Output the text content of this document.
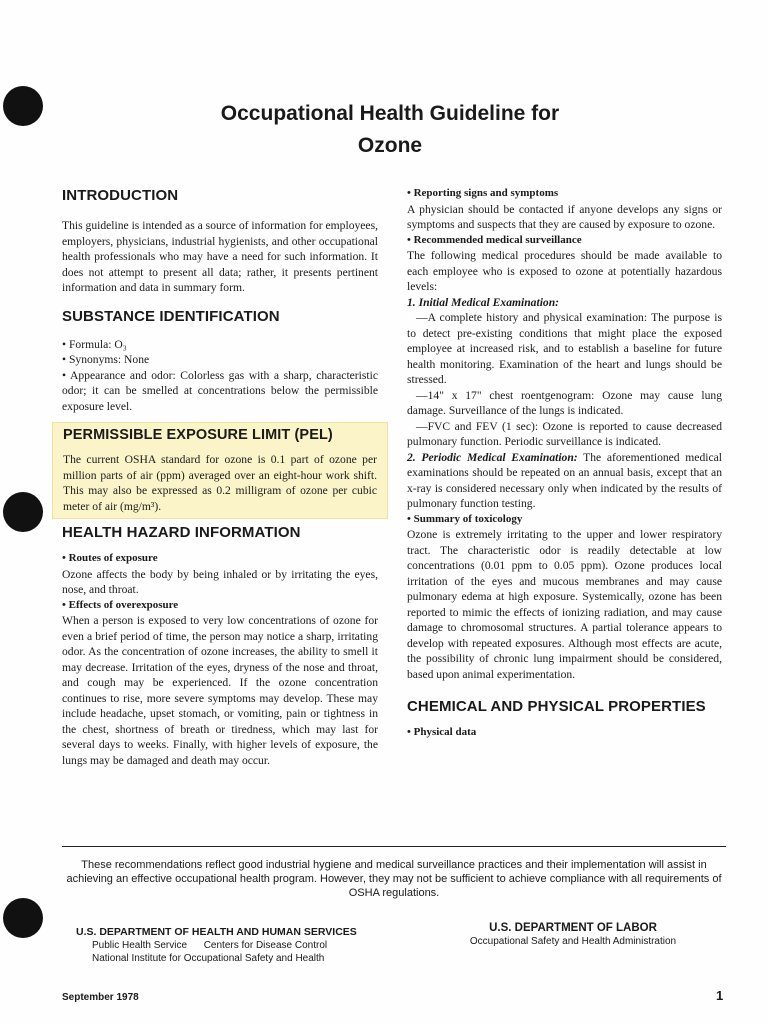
Occupational Health Guideline for
Ozone
INTRODUCTION

This guideline is intended as a source of information for employees, employers, physicians, industrial hygienists, and other occupational health professionals who may have a need for such information. It does not attempt to present all data; rather, it presents pertinent information and data in summary form.

SUBSTANCE IDENTIFICATION

• Formula: O₃

• Synonyms: None

• Appearance and odor: Colorless gas with a sharp, characteristic odor; it can be smelled at concentrations below the permissible exposure level.

PERMISSIBLE EXPOSURE LIMIT (PEL)

The current OSHA standard for ozone is 0.1 part of ozone per million parts of air (ppm) averaged over an eight-hour work shift. This may also be expressed as 0.2 milligram of ozone per cubic meter of air (mg/m³).

HEALTH HAZARD INFORMATION
• Routes of exposure

Ozone affects the body by being inhaled or by irritating the eyes, nose, and throat.

• Effects of overexposure

When a person is exposed to very low concentrations of ozone for even a brief period of time, the person may notice a sharp, irritating odor. As the concentration of ozone increases, the ability to smell it may decrease. Irritation of the eyes, dryness of the nose and throat, and cough may be experienced. If the ozone concentration continues to rise, more severe symptoms may develop. These may include headache, upset stomach, or vomiting, pain or tightness in the chest, shortness of breath or tiredness, which may last for several days to weeks. Finally, with higher levels of exposure, the lungs may be damaged and death may occur.

• Reporting signs and symptoms

A physician should be contacted if anyone develops any signs or symptoms and suspects that they are caused by exposure to ozone.

• Recommended medical surveillance

The following medical procedures should be made available to each employee who is exposed to ozone at potentially hazardous levels:

1. Initial Medical Examination:

—A complete history and physical examination: The purpose is to detect pre-existing conditions that might place the exposed employee at increased risk, and to establish a baseline for future health monitoring. Examination of the heart and lungs should be stressed.

—14" x 17" chest roentgenogram: Ozone may cause lung damage. Surveillance of the lungs is indicated.

—FVC and FEV (1 sec): Ozone is reported to cause decreased pulmonary function. Periodic surveillance is indicated.

2. Periodic Medical Examination: The aforementioned medical examinations should be repeated on an annual basis, except that an x-ray is considered necessary only when indicated by the results of pulmonary function testing.

• Summary of toxicology

Ozone is extremely irritating to the upper and lower respiratory tract. The characteristic odor is readily detectable at low concentrations (0.01 ppm to 0.05 ppm). Ozone produces local irritation of the eyes and mucous membranes and may cause pulmonary edema at high exposure. Systemically, ozone has been reported to mimic the effects of ionizing radiation, and may cause damage to chromosomal structures. A partial tolerance appears to develop with repeated exposures. Although most effects are acute, the possibility of chronic lung impairment should be considered, based upon animal experimentation.

CHEMICAL AND PHYSICAL PROPERTIES
• Physical data
These recommendations reflect good industrial hygiene and medical surveillance practices and their implementation will assist in achieving an effective occupational health program. However, they may not be sufficient to achieve compliance with all requirements of OSHA regulations.
U.S. DEPARTMENT OF HEALTH AND HUMAN SERVICES
Public Health Service      Centers for Disease Control
National Institute for Occupational Safety and Health
U.S. DEPARTMENT OF LABOR
Occupational Safety and Health Administration
September 1978	1
